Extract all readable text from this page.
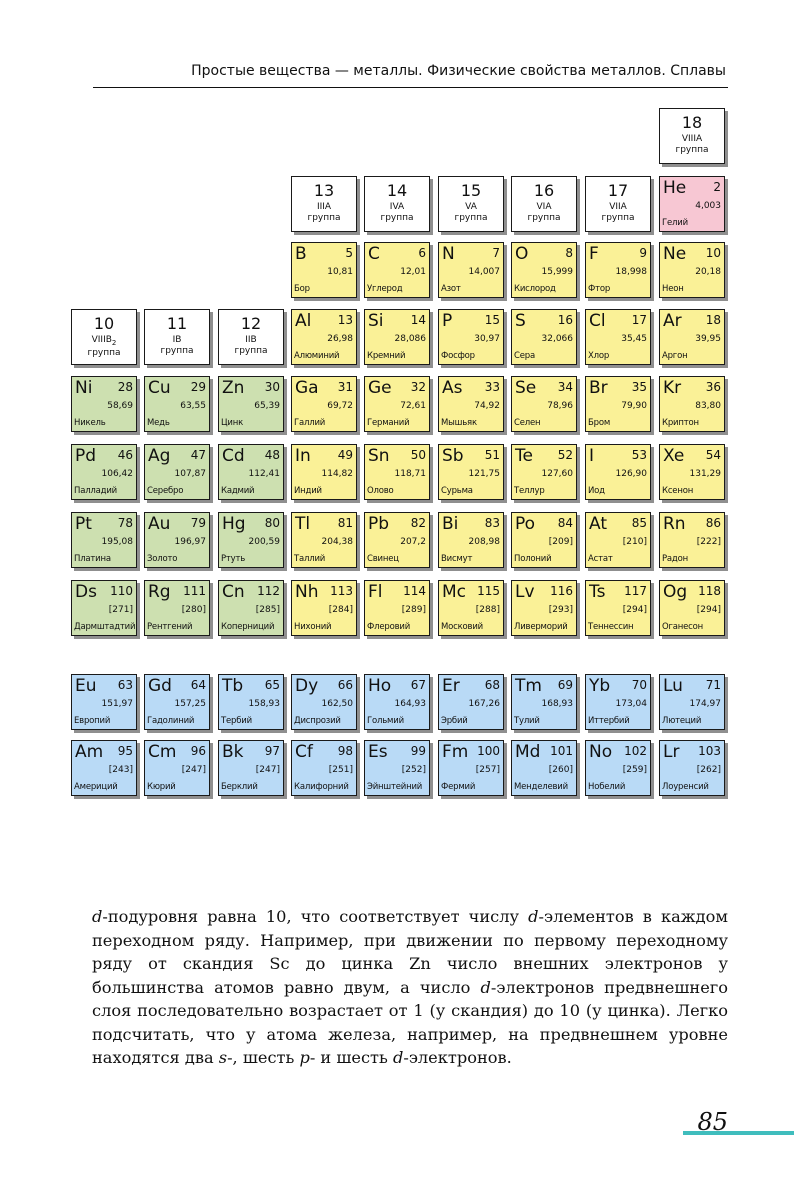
Простые вещества — металлы. Физические свойства металлов. Сплавы
10
$VIIIB_2$
группа
11
IB
группа
12
IIB
группа
13
IIIA
группа
14
IVA
группа
15
VA
группа
16
VIA
группа
17
VIIA
группа
18
VIIIA
группа
He 2
4,003
Гелий
B	5
10,81
Бор
C	6
12,01
Углерод
N	7
14,007
Азот
O	8
15,999
Кислород
F	9
18,998
Фтор
Ne 10
20,18
Неон
Al 13
26,98
Алюминий
Si 14
28,086
Кремний
P	15
30,97
Фосфор
S	16
32,066
Сера
Cl 17
35,45
Хлор
Ar 18
39,95
Аргон
Ni 28
58,69
Никель
Cu 29
63,55
Медь
Zn 30
65,39
Цинк
Ga 31
69,72
Галлий
Ge 32
72,61
Германий
As 33
74,92
Мышьяк
Se 34
78,96
Селен
Br 35
79,90
Бром
Kr 36
83,80
Криптон
Pd 46
106,42
Палладий
Ag 47
107,87
Серебро
Cd 48
112,41
Кадмий
In 49
114,82
Индий
Sn 50
118,71
Олово
Sb 51
121,75
Сурьма
Te 52
127,60
Теллур
I	53
126,90
Иод
Xe 54
131,29
Ксенон
Pt 78
195,08
Платина
Au 79
196,97
Золото
Hg 80
200,59
Ртуть
Tl 81
204,38
Таллий
Pb 82
207,2
Свинец
Bi 83
208,98
Висмут
Po 84
[209]
Полоний
At 85
[210]
Астат
Rn 86
[222]
Радон
Ds 110
[271]
Дармштадтий
Rg 111
[280]
Рентгений
Cn 112
[285]
Коперниций
Nh 113
[284]
Нихоний
Fl 114
[289]
Флеровий
Mc 115
[288]
Московий
Lv 116
[293]
Ливерморий
Ts 117
[294]
Теннессин
Og 118
[294]
Оганесон
Eu 63
151,97
Европий
Gd 64
157,25
Гадолиний
Tb 65
158,93
Тербий
Dy 66
162,50
Диспрозий
Ho 67
164,93
Гольмий
Er 68
167,26
Эрбий
Tm 69
168,93
Тулий
Yb 70
173,04
Иттербий
Lu 71
174,97
Лютеций
Am 95
[243]
Америций
Cm 96
[247]
Кюрий
Bk 97
[247]
Берклий
Cf 98
[251]
Калифорний
Es 99
[252]
Эйнштейний
Fm 100
[257]
Фермий
Md 101
[260]
Менделевий
No 102
[259]
Нобелий
Lr 103
[262]
Лоуренсий

d-подуровня равна 10, что соответствует числу d-элементов в каждом переходном ряду. Например, при движении по первому переходному ряду от скандия Sc до цинка Zn число внешних электронов у большинства атомов равно двум, а число d-электронов предвнешнего слоя последовательно возрастает от 1 (у скандия) до 10 (у цинка). Легко подсчитать, что у атома железа, например, на предвнешнем уровне находятся два s-, шесть p- и шесть d-электронов.

85
